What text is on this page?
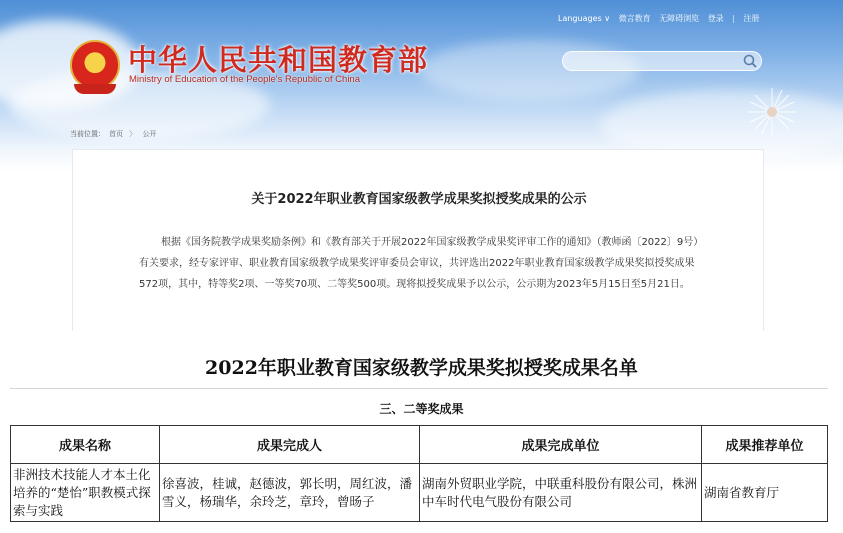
中华人民共和国教育部
Ministry of Education of the People's Republic of China
Languages ∨ 微言教育 无障碍浏览 登录 | 注册
当前位置： 首页 〉 公开
关于2022年职业教育国家级教学成果奖拟授奖成果的公示

根据《国务院教学成果奖励条例》和《教育部关于开展2022年国家级教学成果奖评审工作的通知》（教师函〔2022〕9号）有关要求，经专家评审、职业教育国家级教学成果奖评审委员会审议，共评选出2022年职业教育国家级教学成果奖拟授奖成果572项，其中，特等奖2项、一等奖70项、二等奖500项。现将拟授奖成果予以公示，公示期为2023年5月15日至5月21日。

2022年职业教育国家级教学成果奖拟授奖成果名单
三、二等奖成果
成果名称	成果完成人	成果完成单位	成果推荐单位
非洲技术技能人才本土化培养的“楚怡”职教模式探索与实践	徐喜波，桂诚，赵德波，郭长明，周红波，潘雪义，杨瑞华，余玲芝，章玲，曾旸子	湖南外贸职业学院，中联重科股份有限公司，株洲中车时代电气股份有限公司	湖南省教育厅
